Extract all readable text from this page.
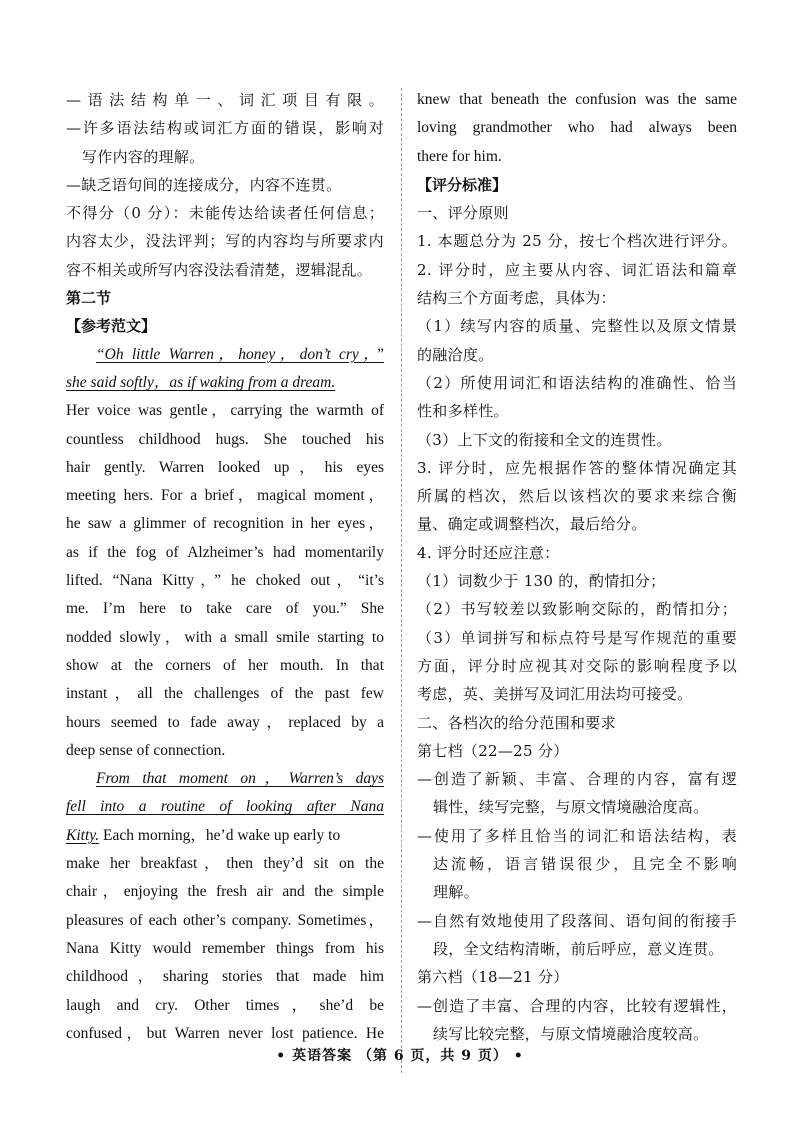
—语法结构单一、词汇项目有限。
—许多语法结构或词汇方面的错误，影响对
写作内容的理解。
—缺乏语句间的连接成分，内容不连贯。
不得分（0 分）：未能传达给读者任何信息；
内容太少，没法评判；写的内容均与所要求内
容不相关或所写内容没法看清楚，逻辑混乱。
第二节
【参考范文】
“Oh little Warren，honey，don’t cry，”
she said softly，as if waking from a dream.
Her voice was gentle，carrying the warmth of
countless childhood hugs. She touched his
hair gently. Warren looked up，his eyes
meeting hers. For a brief，magical moment，
he saw a glimmer of recognition in her eyes，
as if the fog of Alzheimer’s had momentarily
lifted. “Nana Kitty，” he choked out，“it’s
me. I’m here to take care of you.” She
nodded slowly，with a small smile starting to
show at the corners of her mouth. In that
instant，all the challenges of the past few
hours seemed to fade away，replaced by a
deep sense of connection.
From that moment on，Warren’s days
fell into a routine of looking after Nana
Kitty. Each morning，he’d wake up early to
make her breakfast，then they’d sit on the
chair，enjoying the fresh air and the simple
pleasures of each other’s company. Sometimes，
Nana Kitty would remember things from his
childhood，sharing stories that made him
laugh and cry. Other times，she’d be
confused，but Warren never lost patience. He
knew that beneath the confusion was the same
loving grandmother who had always been
there for him.
【评分标准】
一、评分原则
1. 本题总分为 25 分，按七个档次进行评分。
2. 评分时，应主要从内容、词汇语法和篇章
结构三个方面考虑，具体为：
（1）续写内容的质量、完整性以及原文情景
的融洽度。
（2）所使用词汇和语法结构的准确性、恰当
性和多样性。
（3）上下文的衔接和全文的连贯性。
3. 评分时，应先根据作答的整体情况确定其
所属的档次，然后以该档次的要求来综合衡
量、确定或调整档次，最后给分。
4. 评分时还应注意：
（1）词数少于 130 的，酌情扣分；
（2）书写较差以致影响交际的，酌情扣分；
（3）单词拼写和标点符号是写作规范的重要
方面，评分时应视其对交际的影响程度予以
考虑，英、美拼写及词汇用法均可接受。
二、各档次的给分范围和要求
第七档（22—25 分）
—创造了新颖、丰富、合理的内容，富有逻
辑性，续写完整，与原文情境融洽度高。
—使用了多样且恰当的词汇和语法结构，表
达流畅，语言错误很少，且完全不影响
理解。
—自然有效地使用了段落间、语句间的衔接手
段，全文结构清晰，前后呼应，意义连贯。
第六档（18—21 分）
—创造了丰富、合理的内容，比较有逻辑性，
续写比较完整，与原文情境融洽度较高。
• 英语答案 （第 6 页，共 9 页） •
